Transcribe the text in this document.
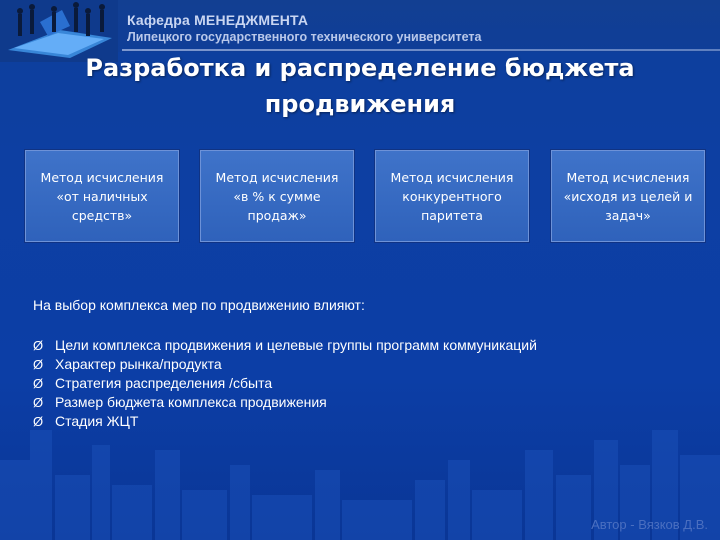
Кафедра МЕНЕДЖМЕНТА
Липецкого государственного технического университета
Разработка и распределение бюджета продвижения
Метод исчисления
«от наличных
средств»
Метод исчисления
«в % к сумме
продаж»
Метод исчисления
конкурентного
паритета
Метод исчисления
«исходя из целей и
задач»
На выбор комплекса мер по продвижению влияют:
Ø Цели комплекса продвижения и целевые группы программ коммуникаций
Ø Характер рынка/продукта
Ø Стратегия распределения /сбыта
Ø Размер бюджета комплекса продвижения
Ø Стадия ЖЦТ
Автор - Вязков Д.В.
